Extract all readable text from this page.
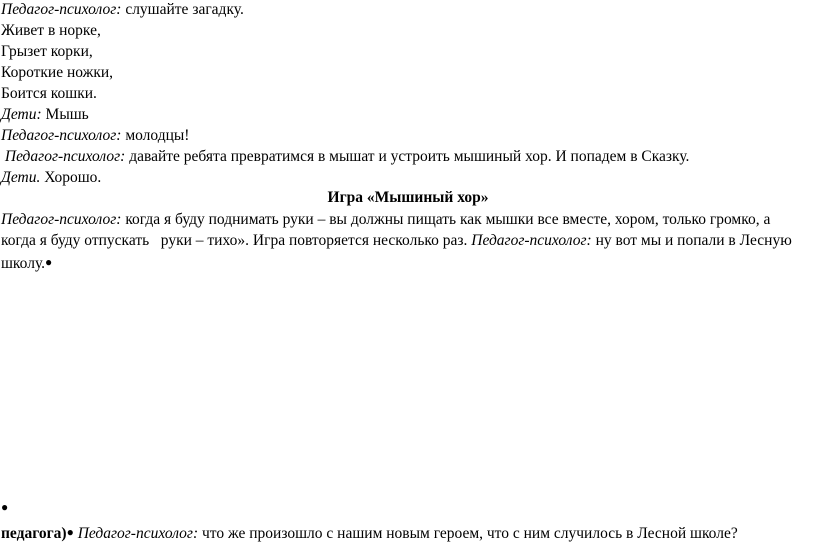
Педагог-психолог: слушайте загадку.
Живет в норке,
Грызет корки,
Короткие ножки,
Боится кошки.
Дети: Мышь
Педагог-психолог: молодцы!
Педагог-психолог: давайте ребята превратимся в мышат и устроить мышиный хор. И попадем в Сказку.
Дети. Хорошо.
Игра «Мышиный хор»
Педагог-психолог: когда я буду поднимать руки – вы должны пищать как мышки все вместе, хором, только громко, а
когда я буду отпускать   руки – тихо». Игра повторяется несколько раз. Педагог-психолог: ну вот мы и попали в Лесную
школу.●
●
педагога)● Педагог-психолог: что же произошло с нашим новым героем, что с ним случилось в Лесной школе?
